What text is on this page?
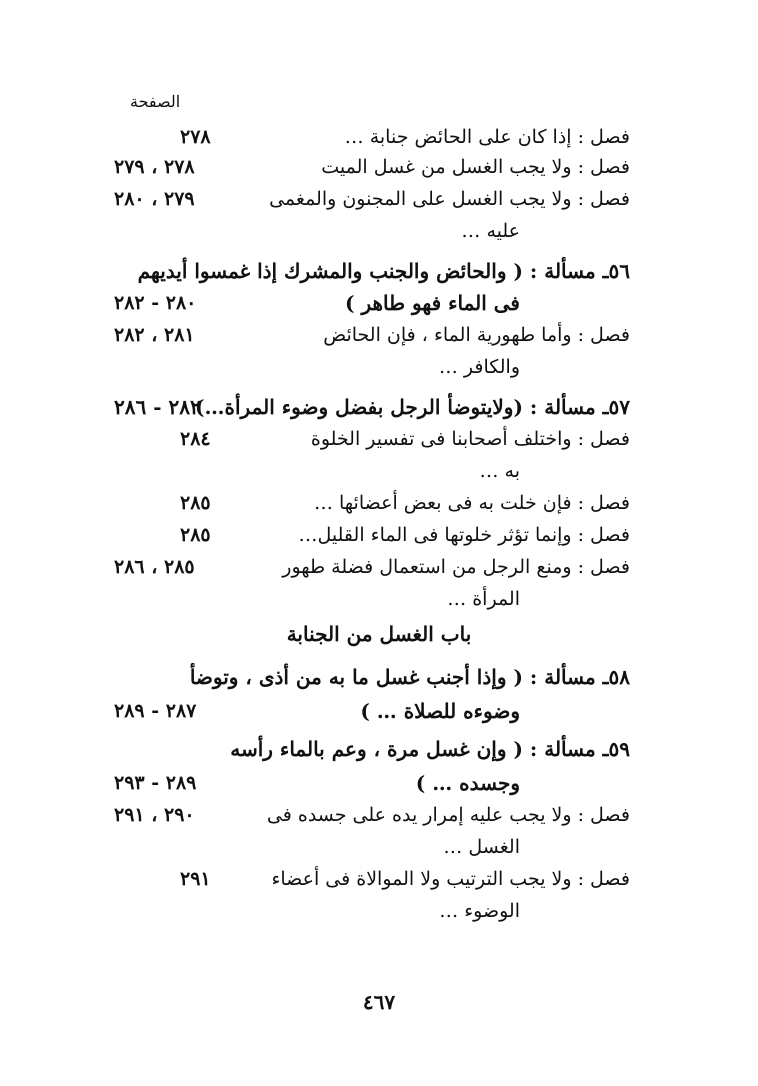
الصفحة
فصل : إذا كان على الحائض جنابة …
٢٧٨
فصل : ولا يجب الغسل من غسل الميت
٢٧٨ ، ٢٧٩
فصل : ولا يجب الغسل على المجنون والمغمى
٢٧٩ ، ٢٨٠
عليه …
٥٦ـ مسألة : ( والحائض والجنب والمشرك إذا غمسوا أيديهم
فى الماء فهو طاهر )
٢٨٠ - ٢٨٢
فصل : وأما طهورية الماء ، فإن الحائض
٢٨١ ، ٢٨٢
والكافر …
٥٧ـ مسألة : (ولايتوضأ الرجل بفضل وضوء المرأة…)
٢٨٢ - ٢٨٦
فصل : واختلف أصحابنا فى تفسير الخلوة
٢٨٤
به …
فصل : فإن خلت به فى بعض أعضائها …
٢٨٥
فصل : وإنما تؤثر خلوتها فى الماء القليل…
٢٨٥
فصل : ومنع الرجل من استعمال فضلة طهور
٢٨٥ ، ٢٨٦
المرأة …
باب الغسل من الجنابة
٥٨ـ مسألة : ( وإذا أجنب غسل ما به من أذى ، وتوضأ
وضوءه للصلاة … )
٢٨٧ - ٢٨٩
٥٩ـ مسألة : ( وإن غسل مرة ، وعم بالماء رأسه
وجسده … )
٢٨٩ - ٢٩٣
فصل : ولا يجب عليه إمرار يده على جسده فى
٢٩٠ ، ٢٩١
الغسل …
فصل : ولا يجب الترتيب ولا الموالاة فى أعضاء
٢٩١
الوضوء …
٤٦٧
